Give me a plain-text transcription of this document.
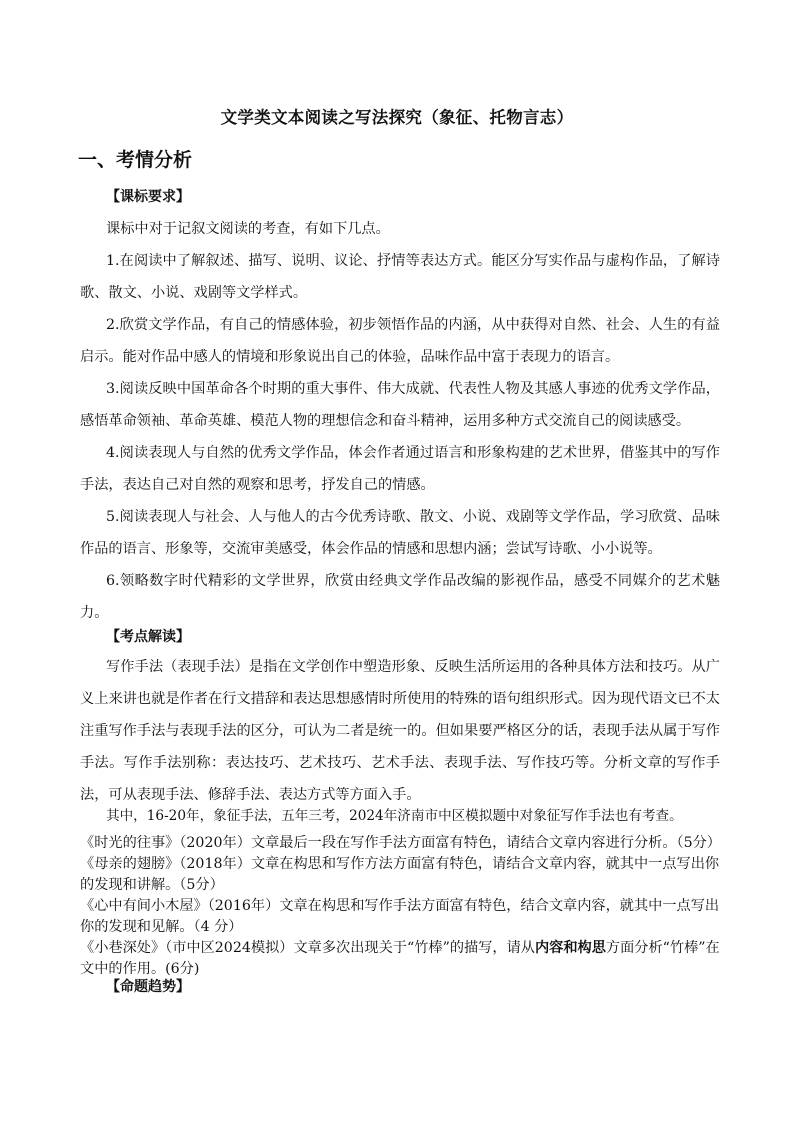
文学类文本阅读之写法探究（象征、托物言志）
一、考情分析
【课标要求】
课标中对于记叙文阅读的考查，有如下几点。
1.在阅读中了解叙述、描写、说明、议论、抒情等表达方式。能区分写实作品与虚构作品，了解诗歌、散文、小说、戏剧等文学样式。
2.欣赏文学作品，有自己的情感体验，初步领悟作品的内涵，从中获得对自然、社会、人生的有益启示。能对作品中感人的情境和形象说出自己的体验，品味作品中富于表现力的语言。
3.阅读反映中国革命各个时期的重大事件、伟大成就、代表性人物及其感人事迹的优秀文学作品，感悟革命领袖、革命英雄、模范人物的理想信念和奋斗精神，运用多种方式交流自己的阅读感受。
4.阅读表现人与自然的优秀文学作品，体会作者通过语言和形象构建的艺术世界，借鉴其中的写作手法，表达自己对自然的观察和思考，抒发自己的情感。
5.阅读表现人与社会、人与他人的古今优秀诗歌、散文、小说、戏剧等文学作品，学习欣赏、品味作品的语言、形象等，交流审美感受，体会作品的情感和思想内涵；尝试写诗歌、小小说等。
6.领略数字时代精彩的文学世界，欣赏由经典文学作品改编的影视作品，感受不同媒介的艺术魅力。
【考点解读】
写作手法（表现手法）是指在文学创作中塑造形象、反映生活所运用的各种具体方法和技巧。从广义上来讲也就是作者在行文措辞和表达思想感情时所使用的特殊的语句组织形式。因为现代语文已不太注重写作手法与表现手法的区分，可认为二者是统一的。但如果要严格区分的话，表现手法从属于写作手法。写作手法别称：表达技巧、艺术技巧、艺术手法、表现手法、写作技巧等。分析文章的写作手法，可从表现手法、修辞手法、表达方式等方面入手。
其中，16-20年，象征手法，五年三考，2024年济南市中区模拟题中对象征写作手法也有考查。
《时光的往事》（2020年）文章最后一段在写作手法方面富有特色，请结合文章内容进行分析。（5分）
《母亲的翅膀》（2018年）文章在构思和写作方法方面富有特色，请结合文章内容，就其中一点写出你的发现和讲解。（5分）
《心中有间小木屋》（2016年）文章在构思和写作手法方面富有特色，结合文章内容，就其中一点写出你的发现和见解。（4 分）
《小巷深处》（市中区2024模拟）文章多次出现关于“竹棒”的描写，请从内容和构思方面分析“竹棒”在文中的作用。(6分)
【命题趋势】
